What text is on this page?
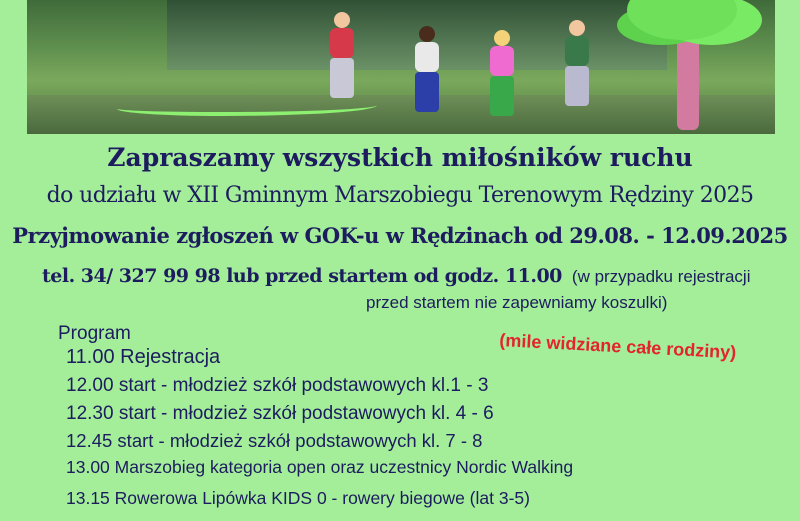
Zapraszamy wszystkich miłośników ruchu
do udziału w XII Gminnym Marszobiegu Terenowym Rędziny 2025
Przyjmowanie zgłoszeń w GOK-u w Rędzinach od 29.08. - 12.09.2025
tel. 34/ 327 99 98 lub przed startem od godz. 11.00 (w przypadku rejestracji
przed startem nie zapewniamy koszulki)
Program	(mile widziane całe rodziny)
11.00 Rejestracja
12.00 start - młodzież szkół podstawowych kl.1 - 3
12.30 start - młodzież szkół podstawowych kl. 4 - 6
12.45 start - młodzież szkół podstawowych kl. 7 - 8
13.00 Marszobieg kategoria open oraz uczestnicy Nordic Walking
13.15 Rowerowa Lipówka KIDS 0 - rowery biegowe (lat 3-5)
